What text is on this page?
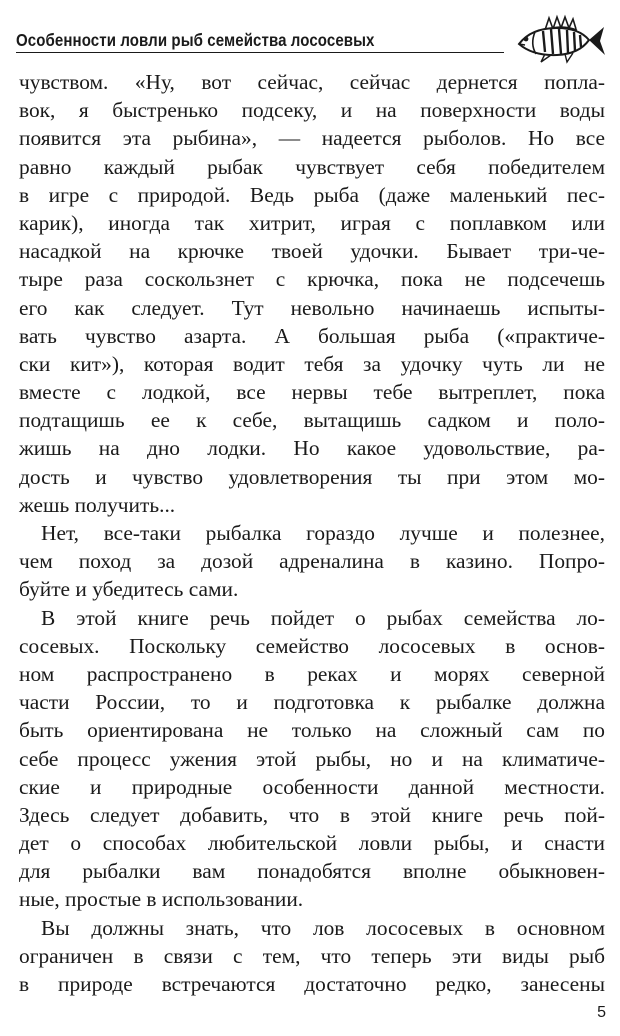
Особенности ловли рыб семейства лососевых
чувством. «Ну, вот сейчас, сейчас дернется попла-
вок, я быстренько подсеку, и на поверхности воды
появится эта рыбина», — надеется рыболов. Но все
равно каждый рыбак чувствует себя победителем
в игре с природой. Ведь рыба (даже маленький пес-
карик), иногда так хитрит, играя с поплавком или
насадкой на крючке твоей удочки. Бывает три-че-
тыре раза соскользнет с крючка, пока не подсечешь
его как следует. Тут невольно начинаешь испыты-
вать чувство азарта. А большая рыба («практиче-
ски кит»), которая водит тебя за удочку чуть ли не
вместе с лодкой, все нервы тебе вытреплет, пока
подтащишь ее к себе, вытащишь садком и поло-
жишь на дно лодки. Но какое удовольствие, ра-
дость и чувство удовлетворения ты при этом мо-
жешь получить...
Нет, все-таки рыбалка гораздо лучше и полезнее,
чем поход за дозой адреналина в казино. Попро-
буйте и убедитесь сами.
В этой книге речь пойдет о рыбах семейства ло-
сосевых. Поскольку семейство лососевых в основ-
ном распространено в реках и морях северной
части России, то и подготовка к рыбалке должна
быть ориентирована не только на сложный сам по
себе процесс ужения этой рыбы, но и на климатиче-
ские и природные особенности данной местности.
Здесь следует добавить, что в этой книге речь пой-
дет о способах любительской ловли рыбы, и снасти
для рыбалки вам понадобятся вполне обыкновен-
ные, простые в использовании.
Вы должны знать, что лов лососевых в основном
ограничен в связи с тем, что теперь эти виды рыб
в природе встречаются достаточно редко, занесены
5
